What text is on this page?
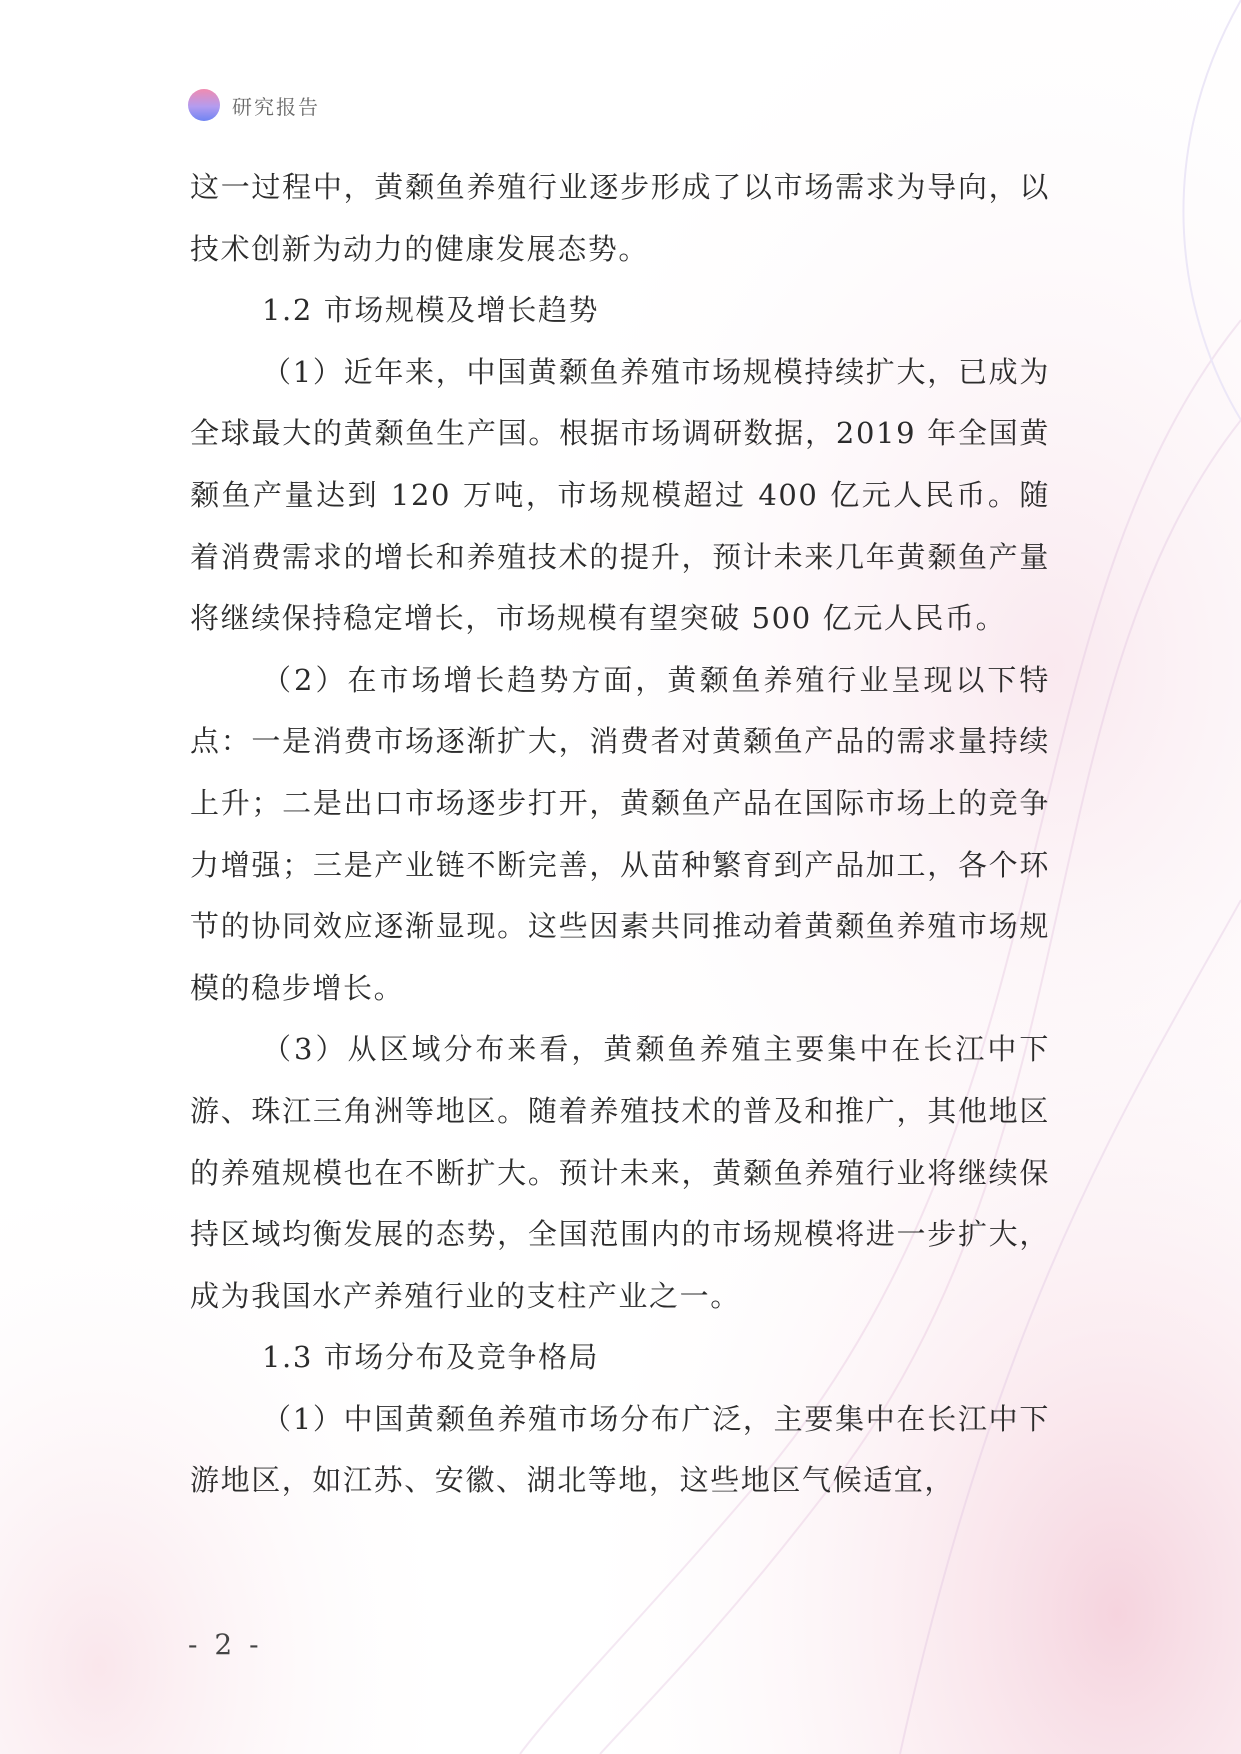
研究报告

这一过程中，黄颡鱼养殖行业逐步形成了以市场需求为导向，以技术创新为动力的健康发展态势。

1.2 市场规模及增长趋势

（1）近年来，中国黄颡鱼养殖市场规模持续扩大，已成为全球最大的黄颡鱼生产国。根据市场调研数据，2019 年全国黄颡鱼产量达到 120 万吨，市场规模超过 400 亿元人民币。随着消费需求的增长和养殖技术的提升，预计未来几年黄颡鱼产量将继续保持稳定增长，市场规模有望突破 500 亿元人民币。

（2）在市场增长趋势方面，黄颡鱼养殖行业呈现以下特点：一是消费市场逐渐扩大，消费者对黄颡鱼产品的需求量持续上升；二是出口市场逐步打开，黄颡鱼产品在国际市场上的竞争力增强；三是产业链不断完善，从苗种繁育到产品加工，各个环节的协同效应逐渐显现。这些因素共同推动着黄颡鱼养殖市场规模的稳步增长。

（3）从区域分布来看，黄颡鱼养殖主要集中在长江中下游、珠江三角洲等地区。随着养殖技术的普及和推广，其他地区的养殖规模也在不断扩大。预计未来，黄颡鱼养殖行业将继续保持区域均衡发展的态势，全国范围内的市场规模将进一步扩大，成为我国水产养殖行业的支柱产业之一。

1.3 市场分布及竞争格局

（1）中国黄颡鱼养殖市场分布广泛，主要集中在长江中下游地区，如江苏、安徽、湖北等地，这些地区气候适宜，

- 2 -
